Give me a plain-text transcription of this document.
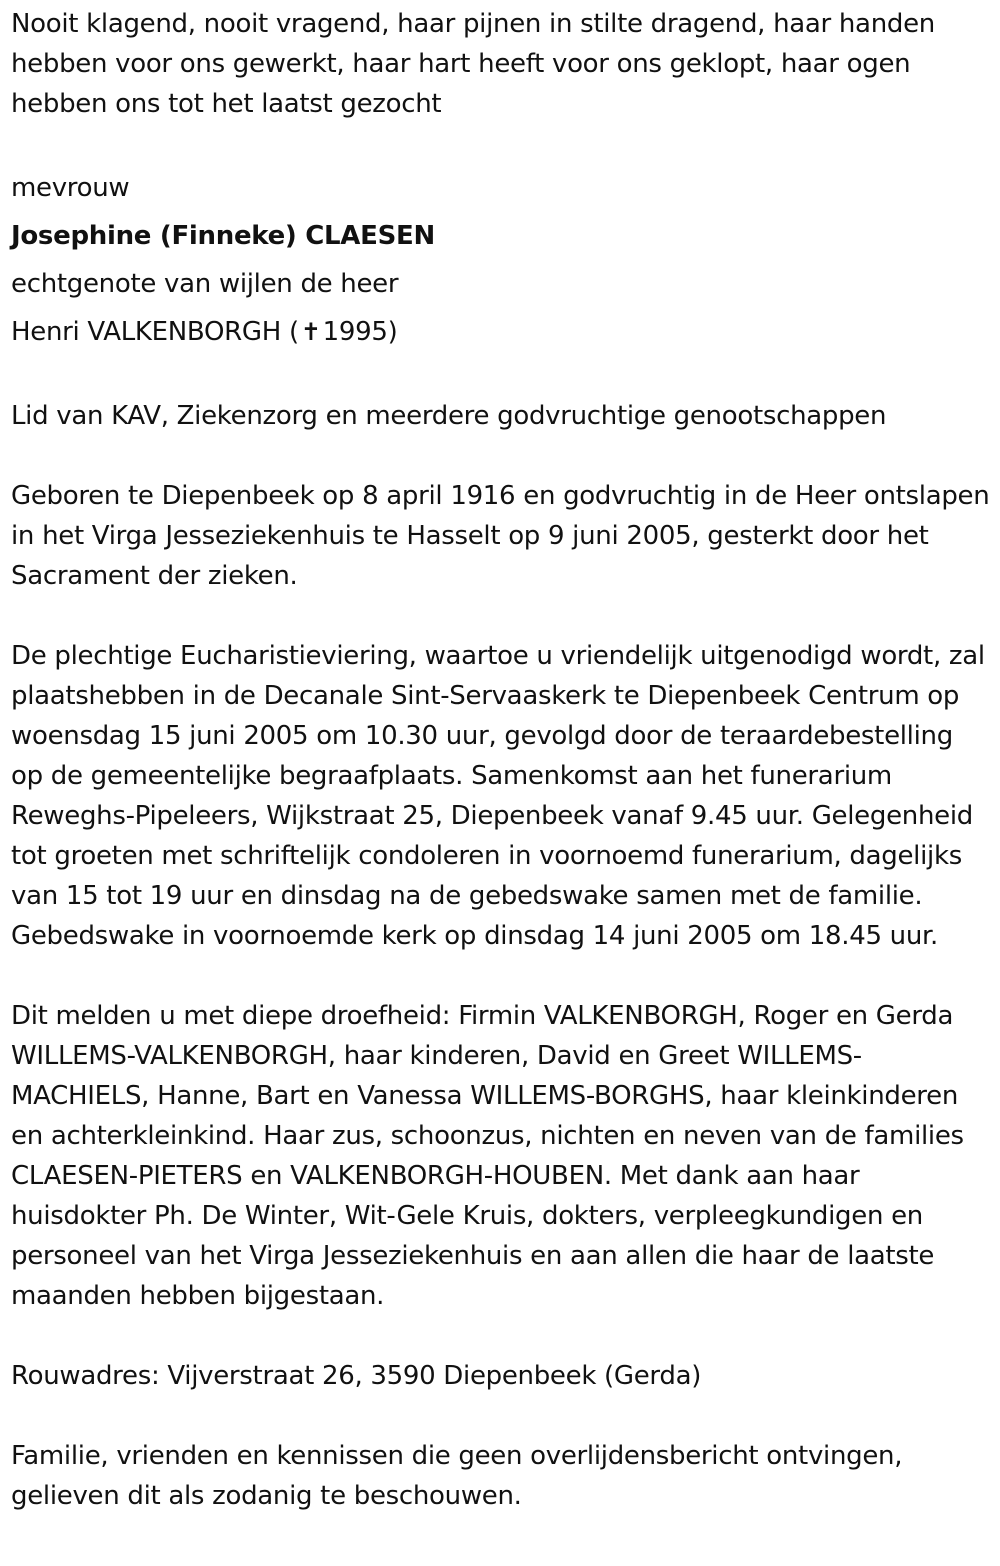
Nooit klagend, nooit vragend, haar pijnen in stilte dragend, haar handen hebben voor ons gewerkt, haar hart heeft voor ons geklopt, haar ogen hebben ons tot het laatst gezocht

mevrouw

Josephine (Finneke) CLAESEN

echtgenote van wijlen de heer

Henri VALKENBORGH (✝1995)

Lid van KAV, Ziekenzorg en meerdere godvruchtige genootschappen

Geboren te Diepenbeek op 8 april 1916 en godvruchtig in de Heer ontslapen in het Virga Jesseziekenhuis te Hasselt op 9 juni 2005, gesterkt door het Sacrament der zieken.

De plechtige Eucharistieviering, waartoe u vriendelijk uitgenodigd wordt, zal plaatshebben in de Decanale Sint-Servaaskerk te Diepenbeek Centrum op woensdag 15 juni 2005 om 10.30 uur, gevolgd door de teraardebestelling op de gemeentelijke begraafplaats. Samenkomst aan het funerarium Reweghs-Pipeleers, Wijkstraat 25, Diepenbeek vanaf 9.45 uur. Gelegenheid tot groeten met schriftelijk condoleren in voornoemd funerarium, dagelijks van 15 tot 19 uur en dinsdag na de gebedswake samen met de familie. Gebedswake in voornoemde kerk op dinsdag 14 juni 2005 om 18.45 uur.

Dit melden u met diepe droefheid: Firmin VALKENBORGH, Roger en Gerda WILLEMS-VALKENBORGH, haar kinderen, David en Greet WILLEMS-MACHIELS, Hanne, Bart en Vanessa WILLEMS-BORGHS, haar kleinkinderen en achterkleinkind. Haar zus, schoonzus, nichten en neven van de families CLAESEN-PIETERS en VALKENBORGH-HOUBEN. Met dank aan haar huisdokter Ph. De Winter, Wit-Gele Kruis, dokters, verpleegkundigen en personeel van het Virga Jesseziekenhuis en aan allen die haar de laatste maanden hebben bijgestaan.

Rouwadres: Vijverstraat 26, 3590 Diepenbeek (Gerda)

Familie, vrienden en kennissen die geen overlijdensbericht ontvingen, gelieven dit als zodanig te beschouwen.
